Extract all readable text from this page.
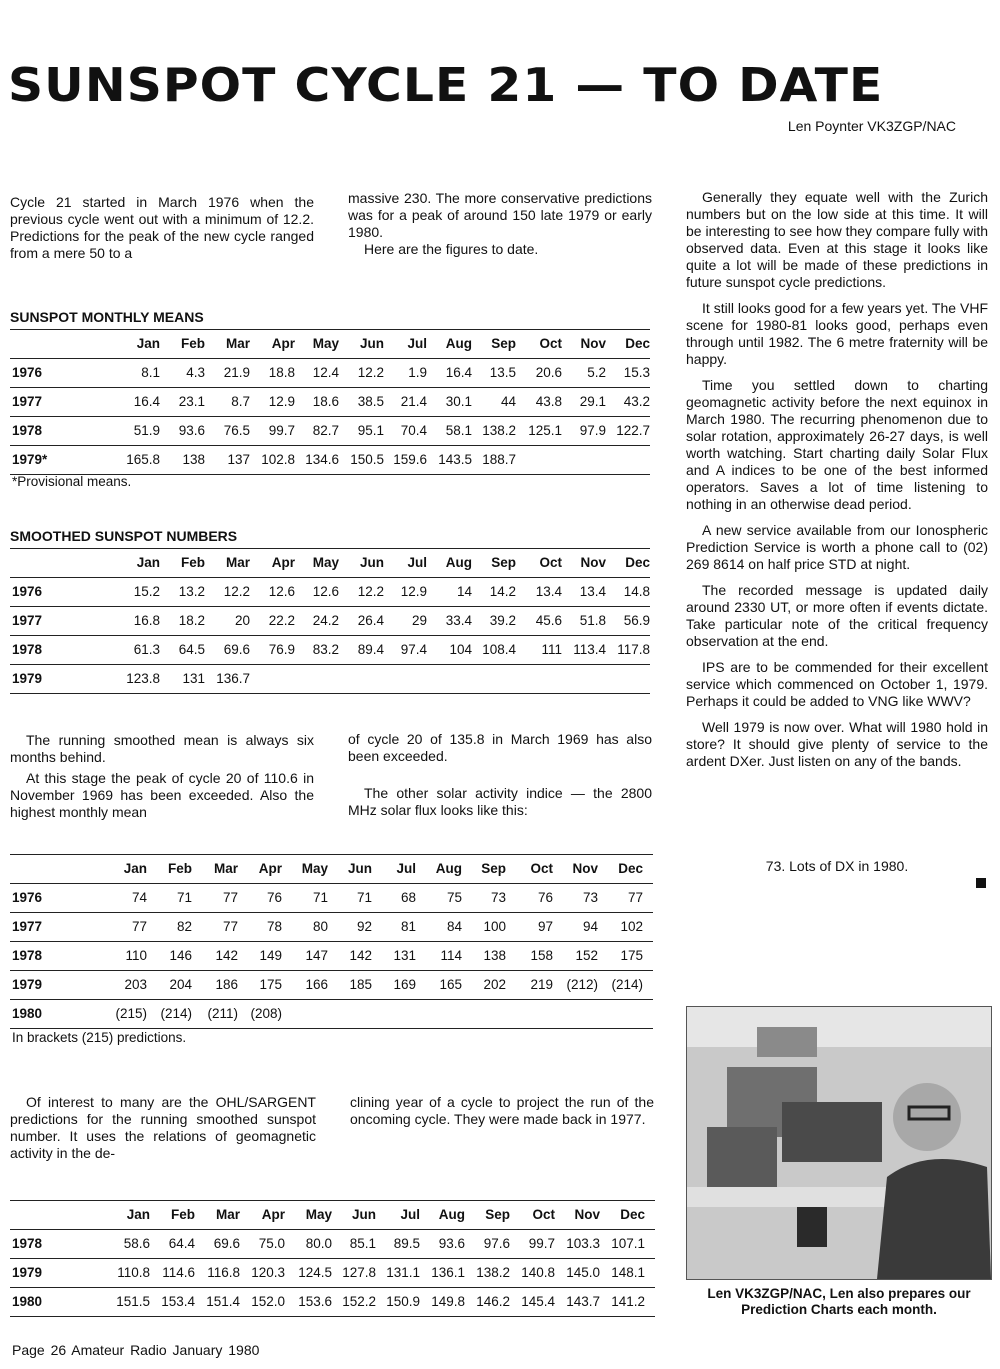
SUNSPOT CYCLE 21 — TO DATE
Len Poynter VK3ZGP/NAC

Cycle 21 started in March 1976 when the previous cycle went out with a minimum of 12.2. Predictions for the peak of the new cycle ranged from a mere 50 to a

massive 230. The more conservative predictions was for a peak of around 150 late 1979 or early 1980.

Here are the figures to date.

SUNSPOT MONTHLY MEANS
Jan	Feb	Mar	Apr	May	Jun	Jul	Aug	Sep	Oct	Nov	Dec
1976	8.1	4.3	21.9	18.8	12.4	12.2	1.9	16.4	13.5	20.6	5.2	15.3
1977	16.4	23.1	8.7	12.9	18.6	38.5	21.4	30.1	44	43.8	29.1	43.2
1978	51.9	93.6	76.5	99.7	82.7	95.1	70.4	58.1 138.2 125.1	97.9 122.7
1979*	165.8	138	137 102.8 134.6 150.5 159.6 143.5 188.7
*Provisional means.
SMOOTHED SUNSPOT NUMBERS
Jan	Feb	Mar	Apr	May	Jun	Jul	Aug	Sep	Oct	Nov	Dec
1976	15.2	13.2	12.2	12.6	12.6	12.2	12.9	14	14.2	13.4	13.4	14.8
1977	16.8	18.2	20	22.2	24.2	26.4	29	33.4	39.2	45.6	51.8	56.9
1978	61.3	64.5	69.6	76.9	83.2	89.4	97.4	104 108.4	111 113.4 117.8
1979	123.8	131 136.7

The running smoothed mean is always six months behind.

At this stage the peak of cycle 20 of 110.6 in November 1969 has been exceeded. Also the highest monthly mean

of cycle 20 of 135.8 in March 1969 has also been exceeded.

The other solar activity indice — the 2800 MHz solar flux looks like this:

Jan	Feb	Mar	Apr	May	Jun	Jul	Aug	Sep	Oct	Nov	Dec
1976	74	71	77	76	71	71	68	75	73	76	73	77
1977	77	82	77	78	80	92	81	84	100	97	94	102
1978	110	146	142	149	147	142	131	114	138	158	152	175
1979	203	204	186	175	166	185	169	165	202	219 (212) (214)
1980	(215) (214)	(211) (208)
In brackets (215) predictions.

Of interest to many are the OHL/SARGENT predictions for the running smoothed sunspot number. It uses the relations of geomagnetic activity in the de-

clining year of a cycle to project the run of the oncoming cycle. They were made back in 1977.

Jan	Feb	Mar	Apr	May	Jun	Jul	Aug	Sep	Oct	Nov	Dec
1978	58.6	64.4	69.6	75.0	80.0	85.1	89.5	93.6	97.6	99.7 103.3 107.1
1979	110.8 114.6 116.8 120.3 124.5 127.8 131.1 136.1 138.2 140.8 145.0 148.1
1980	151.5 153.4 151.4 152.0 153.6 152.2 150.9 149.8 146.2 145.4 143.7 141.2

Generally they equate well with the Zurich numbers but on the low side at this time. It will be interesting to see how they compare fully with observed data. Even at this stage it looks like quite a lot will be made of these predictions in future sunspot cycle predictions.

It still looks good for a few years yet. The VHF scene for 1980-81 looks good, perhaps even through until 1982. The 6 metre fraternity will be happy.

Time you settled down to charting geomagnetic activity before the next equinox in March 1980. The recurring phenomenon due to solar rotation, approximately 26-27 days, is well worth watching. Start charting daily Solar Flux and A indices to be one of the best informed operators. Saves a lot of time listening to nothing in an otherwise dead period.

A new service available from our Ionospheric Prediction Service is worth a phone call to (02) 269 8614 on half price STD at night.

The recorded message is updated daily around 2330 UT, or more often if events dictate. Take particular note of the critical frequency observation at the end.

IPS are to be commended for their excellent service which commenced on October 1, 1979. Perhaps it could be added to VNG like WWV?

Well 1979 is now over. What will 1980 hold in store? It should give plenty of service to the ardent DXer. Just listen on any of the bands.

73. Lots of DX in 1980.
Len VK3ZGP/NAC, Len also prepares our Prediction Charts each month.
Page 26 Amateur Radio January 1980
